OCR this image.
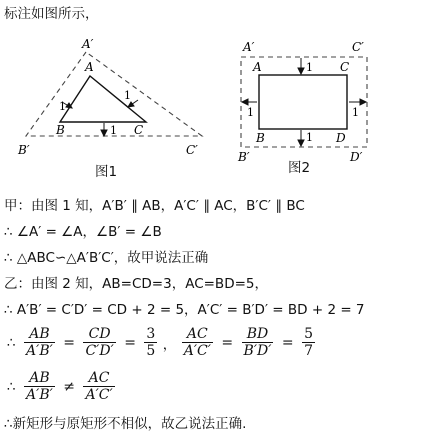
标注如图所示，
A′
A
B	C
B′	C′
1
1
1
图1
A′	C′
A	C
B	D
B′	D′
1
1	1
1
图2
甲：由图 1 知，A′B′ ∥ AB，A′C′ ∥ AC，B′C′ ∥ BC
∴ ∠A′ = ∠A，∠B′ = ∠B
∴ △ABC∽△A′B′C′，故甲说法正确
乙：由图 2 知，AB=CD=3，AC=BD=5，
∴ A′B′ = C′D′ = CD + 2 = 5，A′C′ = B′D′ = BD + 2 = 7
∴ $\frac{AB}{A'B'} = \frac{CD}{C'D'} = \frac{3}{5}$ ， $\frac{AC}{A'C'} = \frac{BD}{B'D'} = \frac{5}{7}$
∴ $\frac{AB}{A'B'} \ne \frac{AC}{A'C'}$
∴新矩形与原矩形不相似，故乙说法正确.
